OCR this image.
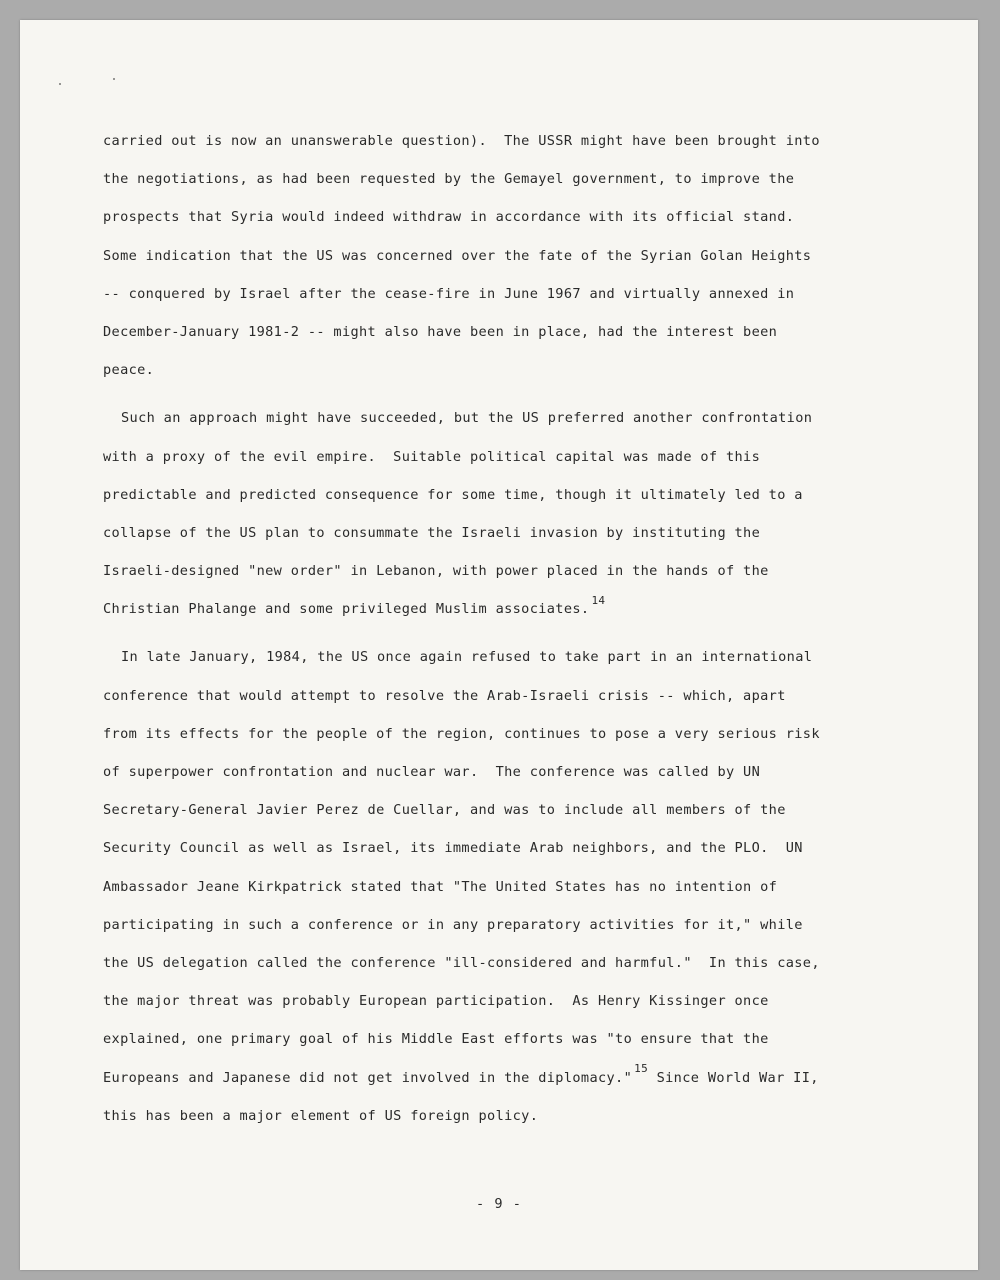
carried out is now an unanswerable question).  The USSR might have been brought into
the negotiations, as had been requested by the Gemayel government, to improve the
prospects that Syria would indeed withdraw in accordance with its official stand.
Some indication that the US was concerned over the fate of the Syrian Golan Heights
-- conquered by Israel after the cease-fire in June 1967 and virtually annexed in
December-January 1981-2 -- might also have been in place, had the interest been
peace.
Such an approach might have succeeded, but the US preferred another confrontation
with a proxy of the evil empire.  Suitable political capital was made of this
predictable and predicted consequence for some time, though it ultimately led to a
collapse of the US plan to consummate the Israeli invasion by instituting the
Israeli-designed "new order" in Lebanon, with power placed in the hands of the
Christian Phalange and some privileged Muslim associates.$^{14}$
In late January, 1984, the US once again refused to take part in an international
conference that would attempt to resolve the Arab-Israeli crisis -- which, apart
from its effects for the people of the region, continues to pose a very serious risk
of superpower confrontation and nuclear war.  The conference was called by UN
Secretary-General Javier Perez de Cuellar, and was to include all members of the
Security Council as well as Israel, its immediate Arab neighbors, and the PLO.  UN
Ambassador Jeane Kirkpatrick stated that "The United States has no intention of
participating in such a conference or in any preparatory activities for it," while
the US delegation called the conference "ill-considered and harmful."  In this case,
the major threat was probably European participation.  As Henry Kissinger once
explained, one primary goal of his Middle East efforts was "to ensure that the
Europeans and Japanese did not get involved in the diplomacy."$^{15}$ Since World War II,
this has been a major element of US foreign policy.
- 9 -
